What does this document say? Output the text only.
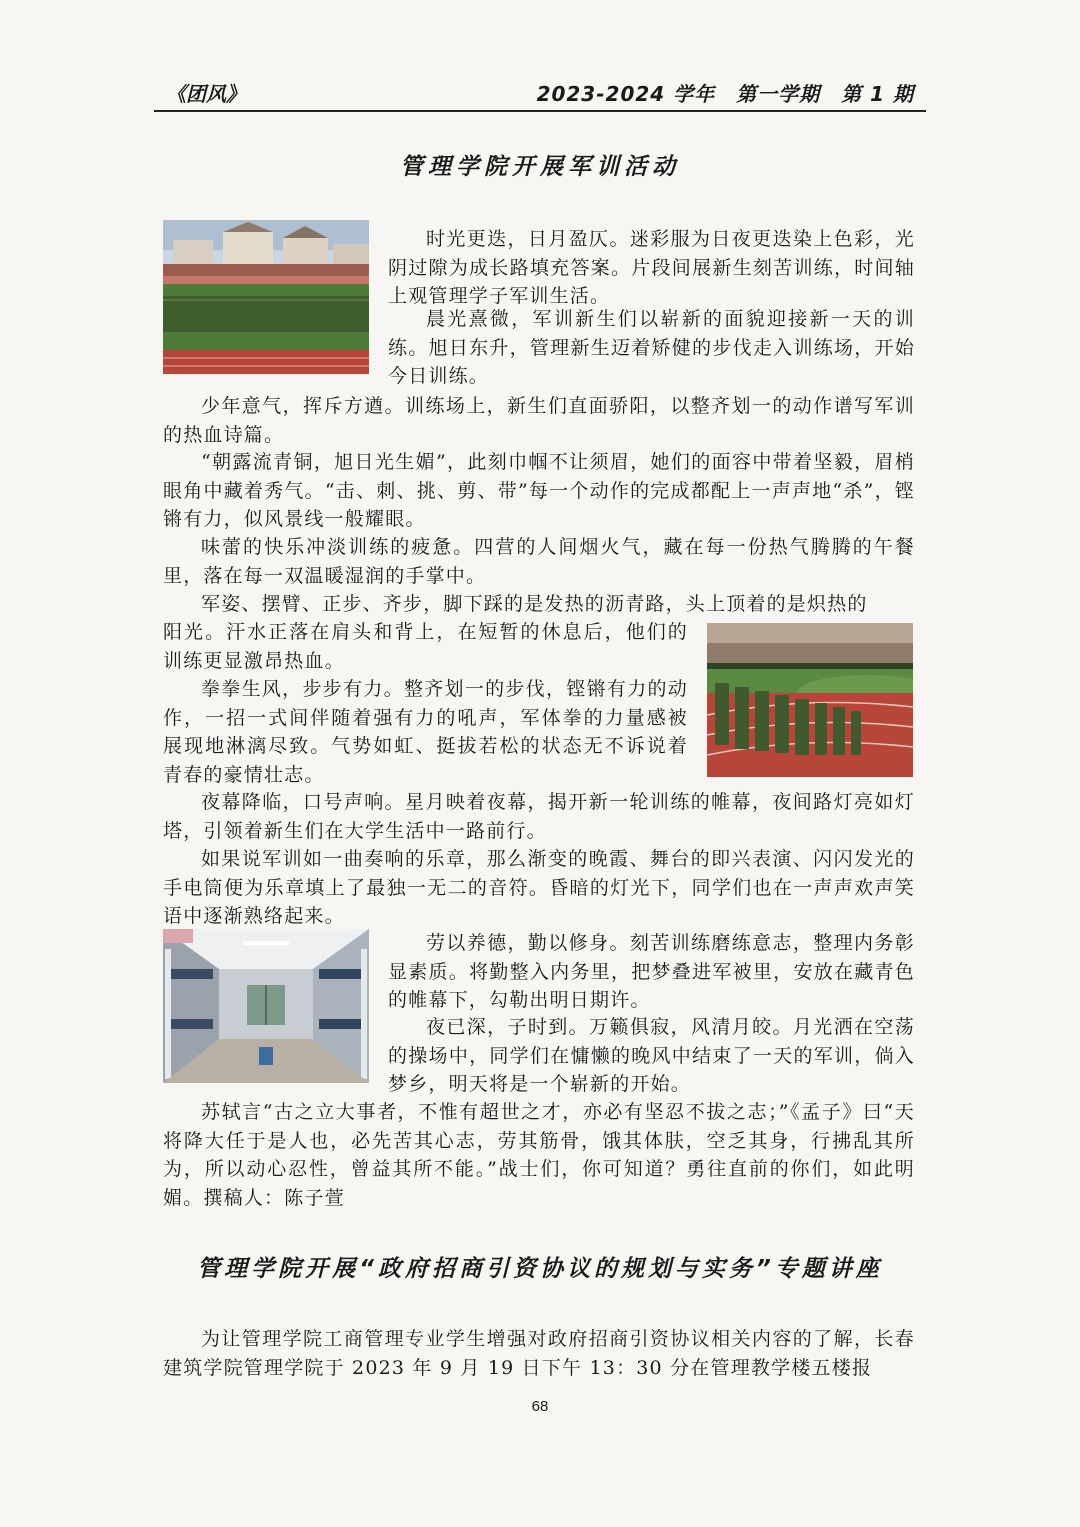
《团风》	2023-2024 学年　第一学期　第 1 期
管理学院开展军训活动

时光更迭，日月盈仄。迷彩服为日夜更迭染上色彩，光阴过隙为成长路填充答案。片段间展新生刻苦训练，时间轴上观管理学子军训生活。

晨光熹微，军训新生们以崭新的面貌迎接新一天的训练。旭日东升，管理新生迈着矫健的步伐走入训练场，开始今日训练。

少年意气，挥斥方遒。训练场上，新生们直面骄阳，以整齐划一的动作谱写军训的热血诗篇。

“朝露流青铜，旭日光生媚”，此刻巾帼不让须眉，她们的面容中带着坚毅，眉梢眼角中藏着秀气。“击、刺、挑、剪、带”每一个动作的完成都配上一声声地“杀”，铿锵有力，似风景线一般耀眼。

味蕾的快乐冲淡训练的疲惫。四营的人间烟火气，藏在每一份热气腾腾的午餐里，落在每一双温暖湿润的手掌中。

军姿、摆臂、正步、齐步，脚下踩的是发热的沥青路，头上顶着的是炽热的

阳光。汗水正落在肩头和背上，在短暂的休息后，他们的训练更显激昂热血。

拳拳生风，步步有力。整齐划一的步伐，铿锵有力的动作，一招一式间伴随着强有力的吼声，军体拳的力量感被展现地淋漓尽致。气势如虹、挺拔若松的状态无不诉说着青春的豪情壮志。

夜幕降临，口号声响。星月映着夜幕，揭开新一轮训练的帷幕，夜间路灯亮如灯塔，引领着新生们在大学生活中一路前行。

如果说军训如一曲奏响的乐章，那么渐变的晚霞、舞台的即兴表演、闪闪发光的手电筒便为乐章填上了最独一无二的音符。昏暗的灯光下，同学们也在一声声欢声笑语中逐渐熟络起来。

劳以养德，勤以修身。刻苦训练磨练意志，整理内务彰显素质。将勤整入内务里，把梦叠进军被里，安放在藏青色的帷幕下，勾勒出明日期许。

夜已深，子时到。万籁俱寂，风清月皎。月光洒在空荡的操场中，同学们在慵懒的晚风中结束了一天的军训，倘入梦乡，明天将是一个崭新的开始。

苏轼言“古之立大事者，不惟有超世之才，亦必有坚忍不拔之志；”《孟子》曰“天将降大任于是人也，必先苦其心志，劳其筋骨，饿其体肤，空乏其身，行拂乱其所为，所以动心忍性，曾益其所不能。”战士们，你可知道？勇往直前的你们，如此明媚。撰稿人：陈子萱

管理学院开展“政府招商引资协议的规划与实务”专题讲座

为让管理学院工商管理专业学生增强对政府招商引资协议相关内容的了解，长春建筑学院管理学院于 2023 年 9 月 19 日下午 13：30 分在管理教学楼五楼报

68
